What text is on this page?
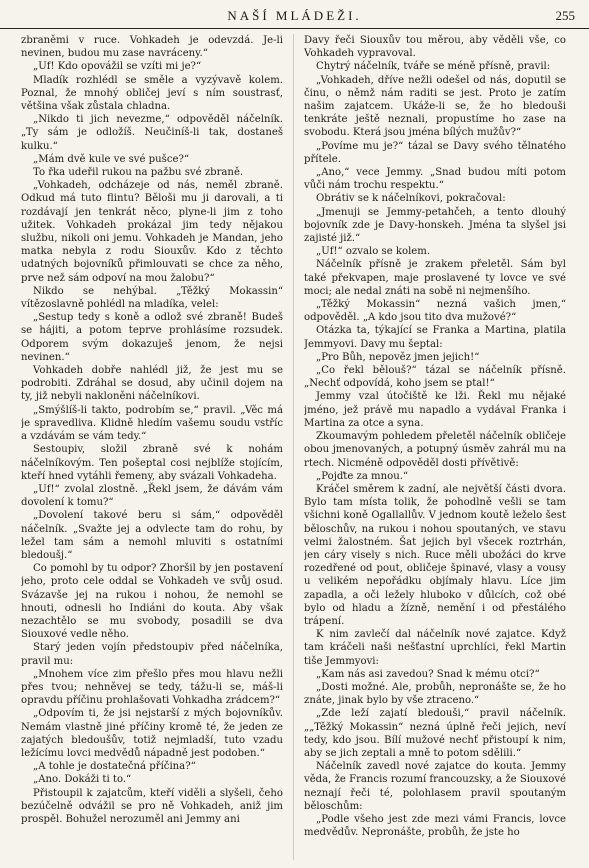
NAŠÍ MLÁDEŽI.	255

zbraněmi v ruce. Vohkadeh je odevzdá. Je-li nevinen, budou mu zase navráceny.“

„Uf! Kdo opovážil se vzíti mi je?“

Mladík rozhlédl se směle a vyzývavě kolem. Poznal, že mnohý obličej jeví s ním soustrasť, většina však zůstala chladna.

„Nikdo ti jich nevezme,“ odpověděl náčelník. „Ty sám je odložíš. Neučiníš-li tak, dostaneš kulku.“

„Mám dvě kule ve své pušce?“

To řka udeřil rukou na pažbu své zbraně.

„Vohkadeh, odcházeje od nás, neměl zbraně. Odkud má tuto flintu? Běloši mu ji darovali, a ti rozdávají jen tenkrát něco, plyne-li jim z toho užitek. Vohkadeh prokázal jim tedy nějakou službu, nikoli oni jemu. Vohkadeh je Mandan, jeho matka nebyla z rodu Siouxův. Kdo z těchto udatných bojovníků přimlouvati se chce za něho, prve než sám odpoví na mou žalobu?“

Nikdo se nehýbal. „Těžký Mokassin“ vítězoslavně pohlédl na mladíka, velel:

„Sestup tedy s koně a odlož své zbraně! Budeš se hájiti, a potom teprve prohlásíme rozsudek. Odporem svým dokazuješ jenom, že nejsi nevinen.“

Vohkadeh dobře nahlédl již, že jest mu se podrobiti. Zdráhal se dosud, aby učinil dojem na ty, již nebyli nakloněni náčelníkovi.

„Smýšlíš-li takto, podrobím se,“ pravil. „Věc má je spravedliva. Klidně hledím vašemu soudu vstříc a vzdávám se vám tedy.“

Sestoupiv, složil zbraně své k nohám náčelníkovým. Ten pošeptal cosi nejblíže stojícím, kteří hned vytáhli řemeny, aby svázali Vohkadeha.

„Uf!“ zvolal zlostně. „Řekl jsem, že dávám vám dovolení k tomu?“

„Dovolení takové beru si sám,“ odpověděl náčelník. „Svažte jej a odvlecte tam do rohu, by ležel tam sám a nemohl mluviti s ostatními bledoušj.“

Co pomohl by tu odpor? Zhoršil by jen postavení jeho, proto cele oddal se Vohkadeh ve svůj osud. Svázavše jej na rukou i nohou, že nemohl se hnouti, odnesli ho Indiáni do kouta. Aby však nezachtělo se mu svobody, posadili se dva Siouxové vedle něho.

Starý jeden vojín předstoupiv před náčelníka, pravil mu:

„Mnohem více zim přešlo přes mou hlavu nežli přes tvou; nehněvej se tedy, tážu-li se, máš-li opravdu příčinu prohlašovati Vohkadha zrádcem?“

„Odpovím ti, že jsi nejstarší z mých bojovníkův. Nemám vlastně jiné příčiny kromě té, že jeden ze zajatých bledoušův, totiž nejmladší, tuto vzadu ležícímu lovci medvědů nápadně jest podoben.“

„A tohle je dostatečná příčina?“

„Ano. Dokáži ti to.“

Přistoupil k zajatcům, kteří viděli a slyšeli, čeho bezúčelně odvážil se pro ně Vohkadeh, aniž jim prospěl. Bohužel nerozuměl ani Jemmy ani

Davy řeči Siouxův tou měrou, aby věděli vše, co Vohkadeh vypravoval.

Chytrý náčelník, tváře se méně přísně, pravil:

„Vohkadeh, dříve nežli odešel od nás, doputil se činu, o němž nám raditi se jest. Proto je zatím našim zajatcem. Ukáže-li se, že ho bledouši tenkráte ještě neznali, propustíme ho zase na svobodu. Která jsou jména bílých mužův?“

„Povíme mu je?“ tázal se Davy svého tělnatého přítele.

„Ano,“ vece Jemmy. „Snad budou míti potom vůči nám trochu respektu.“

Obrátiv se k náčelníkovi, pokračoval:

„Jmenuji se Jemmy-petahčeh, a tento dlouhý bojovník zde je Davy-honskeh. Jména ta slyšel jsi zajisté již.“

„Uf!“ ozvalo se kolem.

Náčelník přísně je zrakem přeletěl. Sám byl také překvapen, maje proslavené ty lovce ve své moci; ale nedal znáti na sobě ni nejmenšího.

„Těžký Mokassin“ nezná vašich jmen,“ odpověděl. „A kdo jsou tito dva mužové?“

Otázka ta, týkající se Franka a Martina, platila Jemmyovi. Davy mu šeptal:

„Pro Bůh, nepověz jmen jejich!“

„Co řekl bělouš?“ tázal se náčelník přísně. „Nechť odpovídá, koho jsem se ptal!“

Jemmy vzal útočiště ke lži. Řekl mu nějaké jméno, jež právě mu napadlo a vydával Franka i Martina za otce a syna.

Zkoumavým pohledem přeletěl náčelník obličeje obou jmenovaných, a potupný úsměv zahrál mu na rtech. Nicméně odpověděl dosti přívětivě:

„Pojďte za mnou.“

Kráčel směrem k zadní, ale největší části dvora. Bylo tam místa tolik, že pohodlně vešli se tam všichni koně Ogallallův. V jednom koutě leželo šest běloschův, na rukou i nohou spoutaných, ve stavu velmi žalostném. Šat jejich byl všecek roztrhán, jen cáry visely s nich. Ruce měli ubožáci do krve rozedřené od pout, obličeje špinavé, vlasy a vousy u velikém nepořádku objímaly hlavu. Líce jim zapadla, a oči ležely hluboko v důlcích, což obé bylo od hladu a žízně, nemění i od přestálého trápení.

K nim zavlečí dal náčelník nové zajatce. Když tam kráčeli naši nešťastní uprchlíci, řekl Martin tiše Jemmyovi:

„Kam nás asi zavedou? Snad k mému otci?“

„Dosti možné. Ale, probůh, nepronášte se, že ho znáte, jinak bylo by vše ztraceno.“

„Zde leží zajatí bledouši,“ pravil náčelník. „„Těžký Mokassin“ nezná úplně řeči jejich, neví tedy, kdo jsou. Bílí mužové nechť přistoupí k nim, aby se jich zeptali a mně to potom sdělili.“

Náčelník zavedl nové zajatce do kouta. Jemmy věda, že Francis rozumí francouzsky, a že Siouxové neznají řeči té, polohlasem pravil spoutaným běloschům:

„Podle všeho jest zde mezi vámi Francis, lovce medvědův. Nepronášte, probůh, že jste ho
